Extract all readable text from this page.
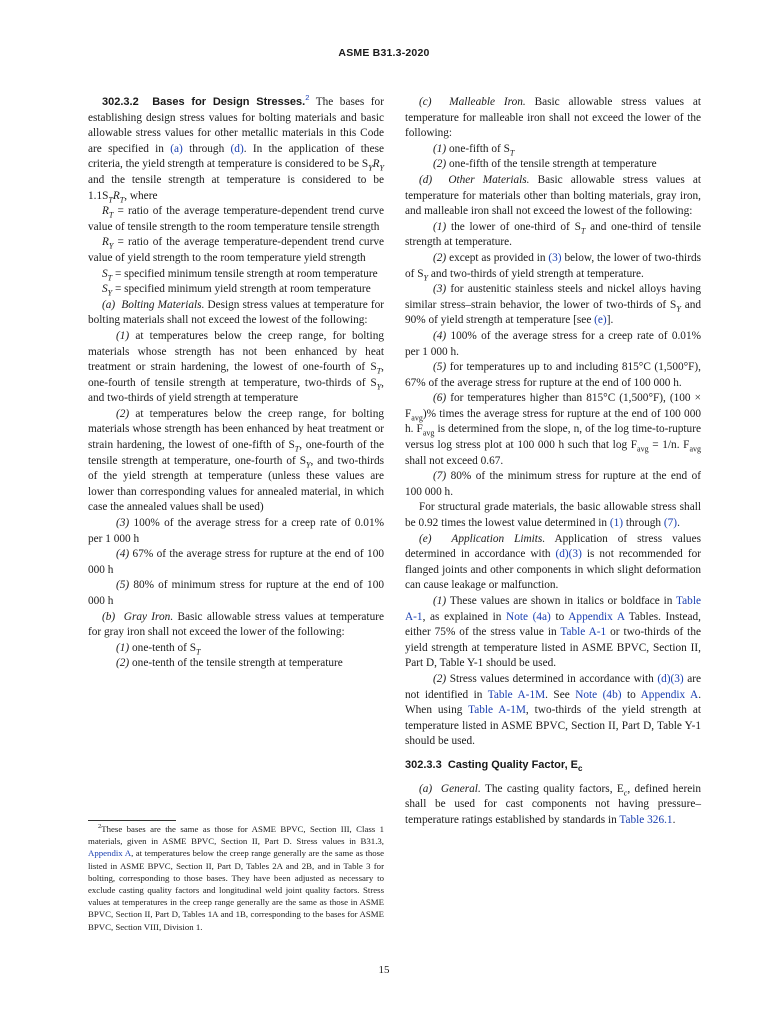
ASME B31.3-2020

302.3.2 Bases for Design Stresses.$^2$ The bases for establishing design stress values for bolting materials and basic allowable stress values for other metallic materials in this Code are specified in (a) through (d). In the application of these criteria, the yield strength at temperature is considered to be $S_YR_Y$ and the tensile strength at temperature is considered to be $1.1S_TR_T$, where

$R_T$ = ratio of the average temperature-dependent trend curve value of tensile strength to the room temperature tensile strength

$R_Y$ = ratio of the average temperature-dependent trend curve value of yield strength to the room temperature yield strength

$S_T$ = specified minimum tensile strength at room temperature

$S_Y$ = specified minimum yield strength at room temperature

(a) Bolting Materials. Design stress values at temperature for bolting materials shall not exceed the lowest of the following:

(1) at temperatures below the creep range, for bolting materials whose strength has not been enhanced by heat treatment or strain hardening, the lowest of one-fourth of $S_T$, one-fourth of tensile strength at temperature, two-thirds of $S_Y$, and two-thirds of yield strength at temperature

(2) at temperatures below the creep range, for bolting materials whose strength has been enhanced by heat treatment or strain hardening, the lowest of one-fifth of $S_T$, one-fourth of the tensile strength at temperature, one-fourth of $S_Y$, and two-thirds of the yield strength at temperature (unless these values are lower than corresponding values for annealed material, in which case the annealed values shall be used)

(3) 100% of the average stress for a creep rate of 0.01% per 1 000 h

(4) 67% of the average stress for rupture at the end of 100 000 h

(5) 80% of minimum stress for rupture at the end of 100 000 h

(b) Gray Iron. Basic allowable stress values at temperature for gray iron shall not exceed the lower of the following:

(1) one-tenth of $S_T$

(2) one-tenth of the tensile strength at temperature

(c) Malleable Iron. Basic allowable stress values at temperature for malleable iron shall not exceed the lower of the following:

(1) one-fifth of $S_T$

(2) one-fifth of the tensile strength at temperature

(d) Other Materials. Basic allowable stress values at temperature for materials other than bolting materials, gray iron, and malleable iron shall not exceed the lowest of the following:

(1) the lower of one-third of $S_T$ and one-third of tensile strength at temperature.

(2) except as provided in (3) below, the lower of two-thirds of $S_Y$ and two-thirds of yield strength at temperature.

(3) for austenitic stainless steels and nickel alloys having similar stress–strain behavior, the lower of two-thirds of $S_Y$ and 90% of yield strength at temperature [see (e)].

(4) 100% of the average stress for a creep rate of 0.01% per 1 000 h.

(5) for temperatures up to and including 815°C (1,500°F), 67% of the average stress for rupture at the end of 100 000 h.

(6) for temperatures higher than 815°C (1,500°F), $(100 \times F_{avg})\%$ times the average stress for rupture at the end of 100 000 h. $F_{avg}$ is determined from the slope, n, of the log time-to-rupture versus log stress plot at 100 000 h such that $\log F_{avg} = 1/n$. $F_{avg}$ shall not exceed 0.67.

(7) 80% of the minimum stress for rupture at the end of 100 000 h.

For structural grade materials, the basic allowable stress shall be 0.92 times the lowest value determined in (1) through (7).

(e) Application Limits. Application of stress values determined in accordance with (d)(3) is not recommended for flanged joints and other components in which slight deformation can cause leakage or malfunction.

(1) These values are shown in italics or boldface in Table A-1, as explained in Note (4a) to Appendix A Tables. Instead, either 75% of the stress value in Table A-1 or two-thirds of the yield strength at temperature listed in ASME BPVC, Section II, Part D, Table Y-1 should be used.

(2) Stress values determined in accordance with (d)(3) are not identified in Table A-1M. See Note (4b) to Appendix A. When using Table A-1M, two-thirds of the yield strength at temperature listed in ASME BPVC, Section II, Part D, Table Y-1 should be used.

302.3.3 Casting Quality Factor, $E_c$

(a) General. The casting quality factors, $E_c$, defined herein shall be used for cast components not having pressure–temperature ratings established by standards in Table 326.1.

$^2$These bases are the same as those for ASME BPVC, Section III, Class 1 materials, given in ASME BPVC, Section II, Part D. Stress values in B31.3, Appendix A, at temperatures below the creep range generally are the same as those listed in ASME BPVC, Section II, Part D, Tables 2A and 2B, and in Table 3 for bolting, corresponding to those bases. They have been adjusted as necessary to exclude casting quality factors and longitudinal weld joint quality factors. Stress values at temperatures in the creep range generally are the same as those in ASME BPVC, Section II, Part D, Tables 1A and 1B, corresponding to the bases for ASME BPVC, Section VIII, Division 1.

15
